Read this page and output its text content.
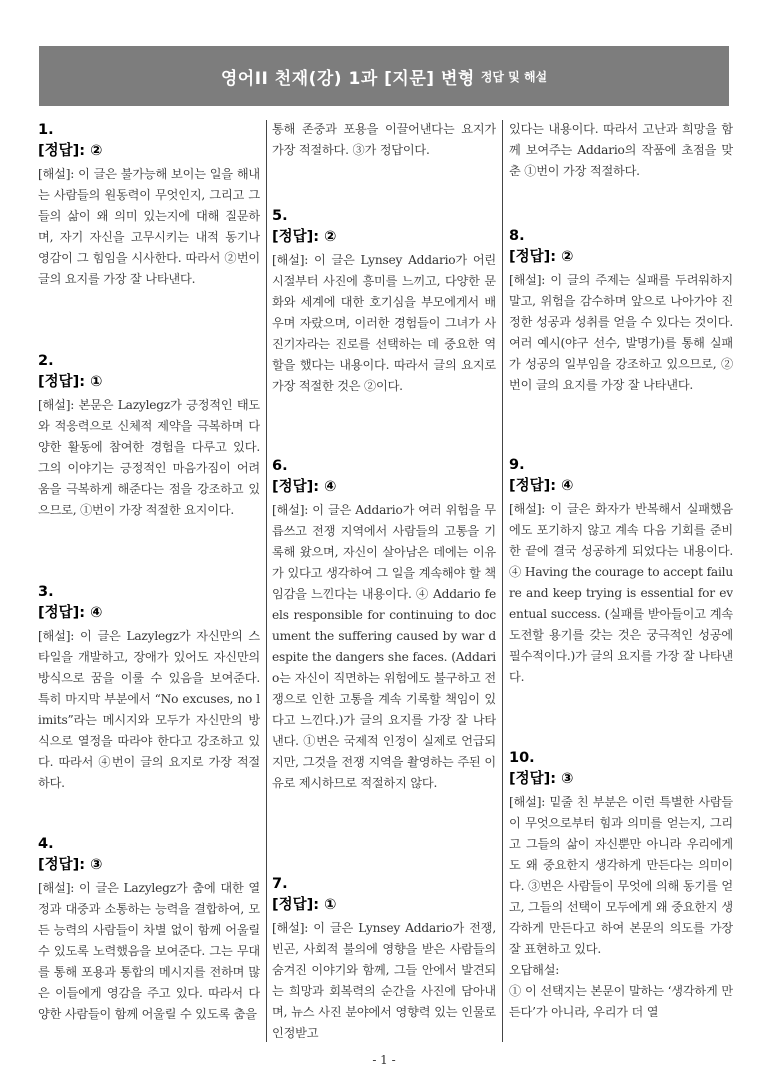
영어II 천재(강) 1과 [지문] 변형 정답 및 해설
1.
[정답]: ②
[해설]: 이 글은 불가능해 보이는 일을 해내는 사람들의 원동력이 무엇인지, 그리고 그들의 삶이 왜 의미 있는지에 대해 질문하며, 자기 자신을 고무시키는 내적 동기나 영감이 그 힘임을 시사한다. 따라서 ②번이 글의 요지를 가장 잘 나타낸다.
2.
[정답]: ①
[해설]: 본문은 Lazylegz가 긍정적인 태도와 적응력으로 신체적 제약을 극복하며 다양한 활동에 참여한 경험을 다루고 있다. 그의 이야기는 긍정적인 마음가짐이 어려움을 극복하게 해준다는 점을 강조하고 있으므로, ①번이 가장 적절한 요지이다.
3.
[정답]: ④
[해설]: 이 글은 Lazylegz가 자신만의 스타일을 개발하고, 장애가 있어도 자신만의 방식으로 꿈을 이룰 수 있음을 보여준다. 특히 마지막 부분에서 “No excuses, no limits”라는 메시지와 모두가 자신만의 방식으로 열정을 따라야 한다고 강조하고 있다. 따라서 ④번이 글의 요지로 가장 적절하다.
4.
[정답]: ③
[해설]: 이 글은 Lazylegz가 춤에 대한 열정과 대중과 소통하는 능력을 결합하여, 모든 능력의 사람들이 차별 없이 함께 어울릴 수 있도록 노력했음을 보여준다. 그는 무대를 통해 포용과 통합의 메시지를 전하며 많은 이들에게 영감을 주고 있다. 따라서 다양한 사람들이 함께 어울릴 수 있도록 춤을
통해 존중과 포용을 이끌어낸다는 요지가 가장 적절하다. ③가 정답이다.
5.
[정답]: ②
[해설]: 이 글은 Lynsey Addario가 어린 시절부터 사진에 흥미를 느끼고, 다양한 문화와 세계에 대한 호기심을 부모에게서 배우며 자랐으며, 이러한 경험들이 그녀가 사진기자라는 진로를 선택하는 데 중요한 역할을 했다는 내용이다. 따라서 글의 요지로 가장 적절한 것은 ②이다.
6.
[정답]: ④
[해설]: 이 글은 Addario가 여러 위험을 무릅쓰고 전쟁 지역에서 사람들의 고통을 기록해 왔으며, 자신이 살아남은 데에는 이유가 있다고 생각하여 그 일을 계속해야 할 책임감을 느낀다는 내용이다. ④ Addario feels responsible for continuing to document the suffering caused by war despite the dangers she faces. (Addario는 자신이 직면하는 위험에도 불구하고 전쟁으로 인한 고통을 계속 기록할 책임이 있다고 느낀다.)가 글의 요지를 가장 잘 나타낸다. ①번은 국제적 인정이 실제로 언급되지만, 그것을 전쟁 지역을 촬영하는 주된 이유로 제시하므로 적절하지 않다.
7.
[정답]: ①
[해설]: 이 글은 Lynsey Addario가 전쟁, 빈곤, 사회적 불의에 영향을 받은 사람들의 숨겨진 이야기와 함께, 그들 안에서 발견되는 희망과 회복력의 순간을 사진에 담아내며, 뉴스 사진 분야에서 영향력 있는 인물로 인정받고
있다는 내용이다. 따라서 고난과 희망을 함께 보여주는 Addario의 작품에 초점을 맞춘 ①번이 가장 적절하다.
8.
[정답]: ②
[해설]: 이 글의 주제는 실패를 두려워하지 말고, 위험을 감수하며 앞으로 나아가야 진정한 성공과 성취를 얻을 수 있다는 것이다. 여러 예시(야구 선수, 발명가)를 통해 실패가 성공의 일부임을 강조하고 있으므로, ②번이 글의 요지를 가장 잘 나타낸다.
9.
[정답]: ④
[해설]: 이 글은 화자가 반복해서 실패했음에도 포기하지 않고 계속 다음 기회를 준비한 끝에 결국 성공하게 되었다는 내용이다. ④ Having the courage to accept failure and keep trying is essential for eventual success. (실패를 받아들이고 계속 도전할 용기를 갖는 것은 궁극적인 성공에 필수적이다.)가 글의 요지를 가장 잘 나타낸다.
10.
[정답]: ③
[해설]: 밑줄 친 부분은 이런 특별한 사람들이 무엇으로부터 힘과 의미를 얻는지, 그리고 그들의 삶이 자신뿐만 아니라 우리에게도 왜 중요한지 생각하게 만든다는 의미이다. ③번은 사람들이 무엇에 의해 동기를 얻고, 그들의 선택이 모두에게 왜 중요한지 생각하게 만든다고 하여 본문의 의도를 가장 잘 표현하고 있다.
오답해설:
① 이 선택지는 본문이 말하는 ‘생각하게 만든다’가 아니라, 우리가 더 열
- 1 -
